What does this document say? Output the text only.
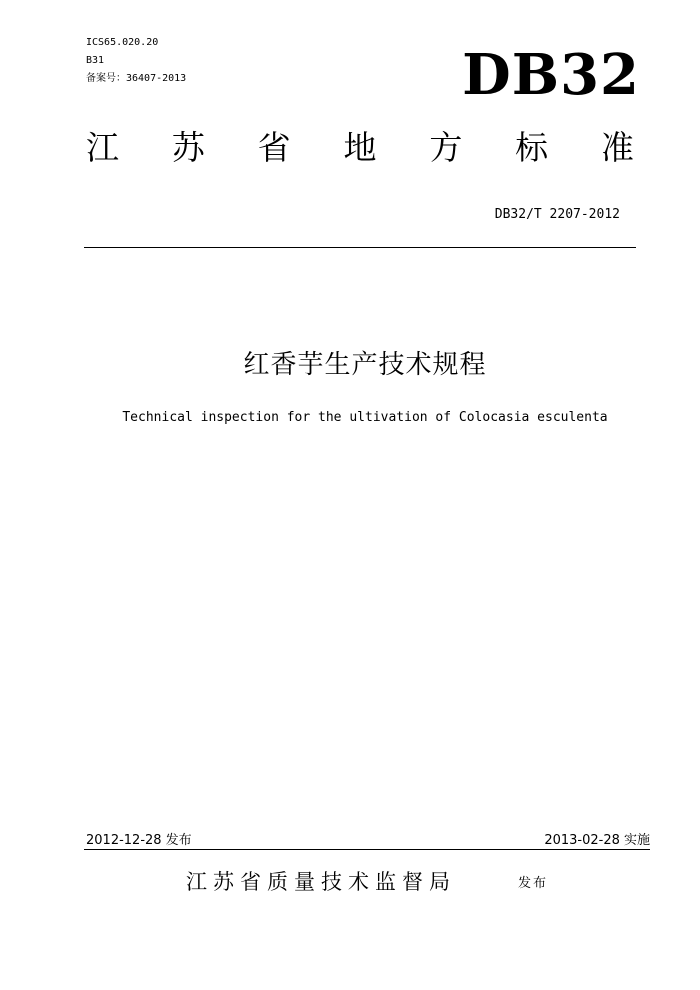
ICS65.020.20
B31
备案号：36407-2013	DB32
江 苏 省 地 方 标 准
DB32/T 2207-2012
红香芋生产技术规程
Technical inspection for the ultivation of Colocasia esculenta
2012-12-28 发布	2013-02-28 实施
江苏省质量技术监督局	发布
